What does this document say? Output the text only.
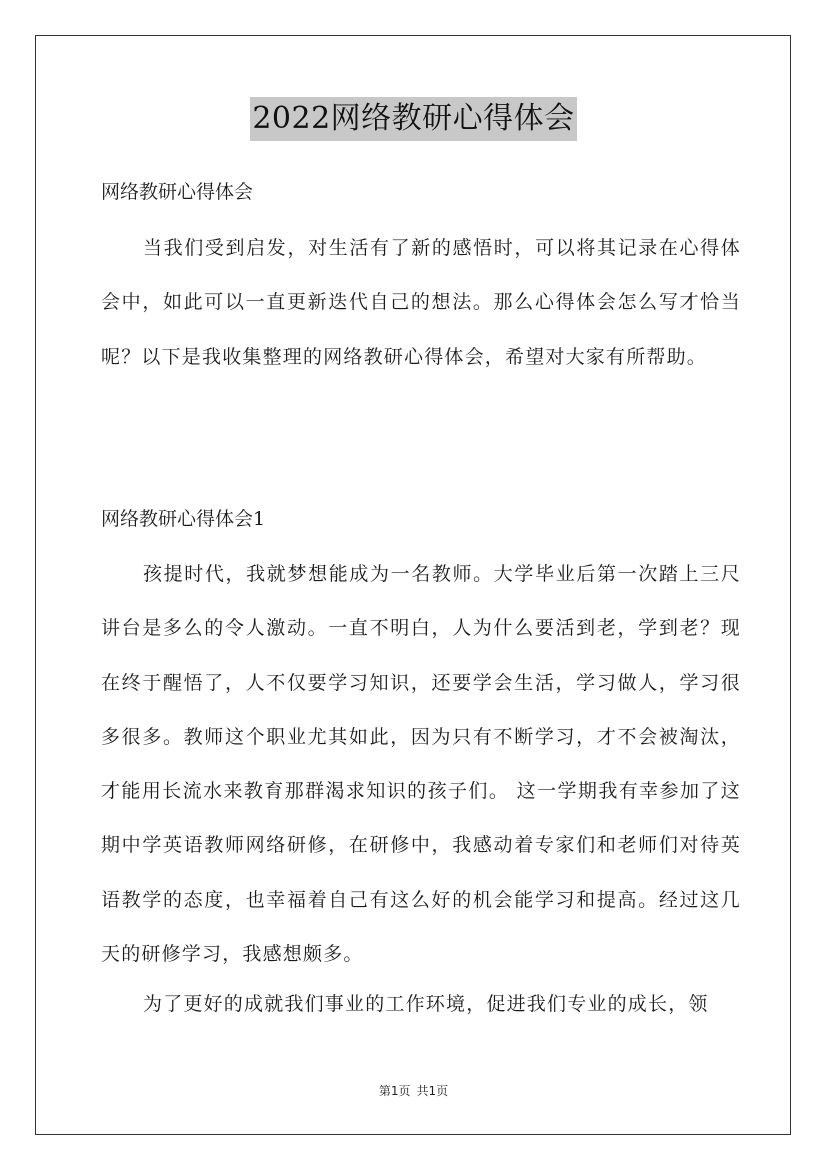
2022网络教研心得体会
网络教研心得体会

当我们受到启发，对生活有了新的感悟时，可以将其记录在心得体会中，如此可以一直更新迭代自己的想法。那么心得体会怎么写才恰当呢？以下是我收集整理的网络教研心得体会，希望对大家有所帮助。

网络教研心得体会1

孩提时代，我就梦想能成为一名教师。大学毕业后第一次踏上三尺讲台是多么的令人激动。一直不明白，人为什么要活到老，学到老？现在终于醒悟了，人不仅要学习知识，还要学会生活，学习做人，学习很多很多。教师这个职业尤其如此，因为只有不断学习，才不会被淘汰，才能用长流水来教育那群渴求知识的孩子们。 这一学期我有幸参加了这期中学英语教师网络研修，在研修中，我感动着专家们和老师们对待英语教学的态度，也幸福着自己有这么好的机会能学习和提高。经过这几天的研修学习，我感想颇多。

为了更好的成就我们事业的工作环境，促进我们专业的成长，领

第1页 共1页
